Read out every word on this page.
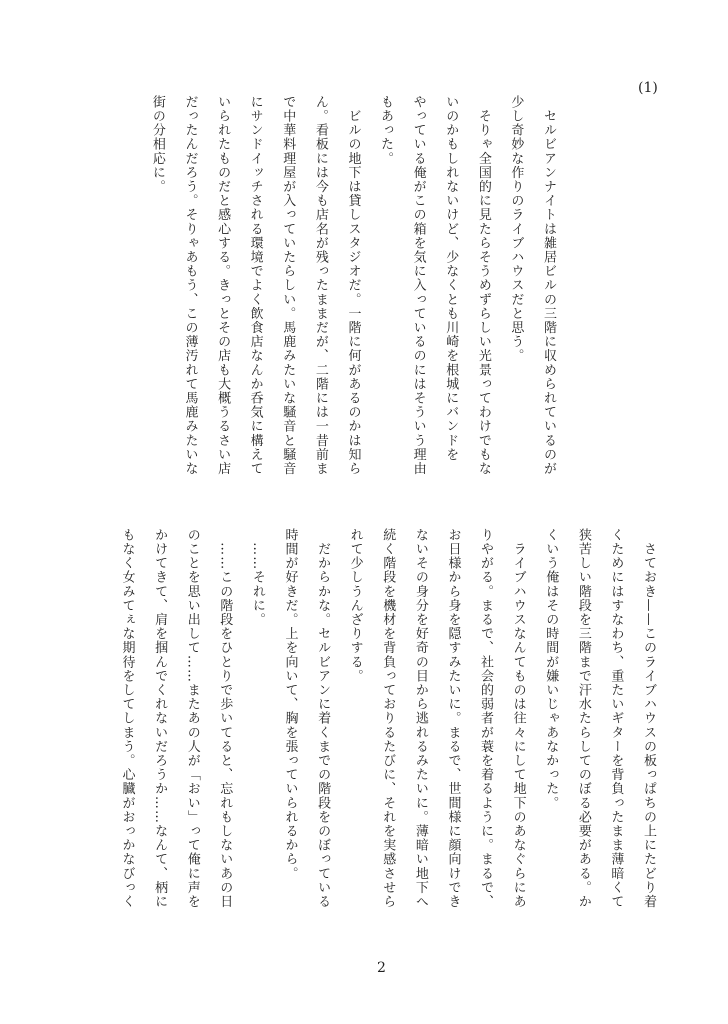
(1)
　セルビアンナイトは雑居ビルの三階に収められているのが
少し奇妙な作りのライブハウスだと思う。
　そりゃ全国的に見たらそうめずらしい光景ってわけでもな
いのかもしれないけど、少なくとも川崎を根城にバンドを
やっている俺がこの箱を気に入っているのにはそういう理由
もあった。
　ビルの地下は貸しスタジオだ。一階に何があるのかは知ら
ん。看板には今も店名が残ったままだが、二階には一昔前ま
で中華料理屋が入っていたらしい。馬鹿みたいな騒音と騒音
にサンドイッチされる環境でよく飲食店なんか呑気に構えて
いられたものだと感心する。きっとその店も大概うるさい店
だったんだろう。そりゃあもう、この薄汚れて馬鹿みたいな
街の分相応に。
　さておき——このライブハウスの板っぱちの上にたどり着
くためにはすなわち、重たいギターを背負ったまま薄暗くて
狭苦しい階段を三階まで汗水たらしてのぼる必要がある。か
くいう俺はその時間が嫌いじゃあなかった。
　ライブハウスなんてものは往々にして地下のあなぐらにあ
りやがる。まるで、社会的弱者が蓑を着るように。まるで、
お日様から身を隠すみたいに。まるで、世間様に顔向けでき
ないその身分を好奇の目から逃れるみたいに。薄暗い地下へ
続く階段を機材を背負っておりるたびに、それを実感させら
れて少しうんざりする。
　だからかな。セルビアンに着くまでの階段をのぼっている
時間が好きだ。上を向いて、胸を張っていられるから。
　……それに。
　……この階段をひとりで歩いてると、忘れもしないあの日
のことを思い出して……またあの人が「おい」って俺に声を
かけてきて、肩を掴んでくれないだろうか……なんて、柄に
もなく女みてぇな期待をしてしまう。心臓がおっかなびっく
2
